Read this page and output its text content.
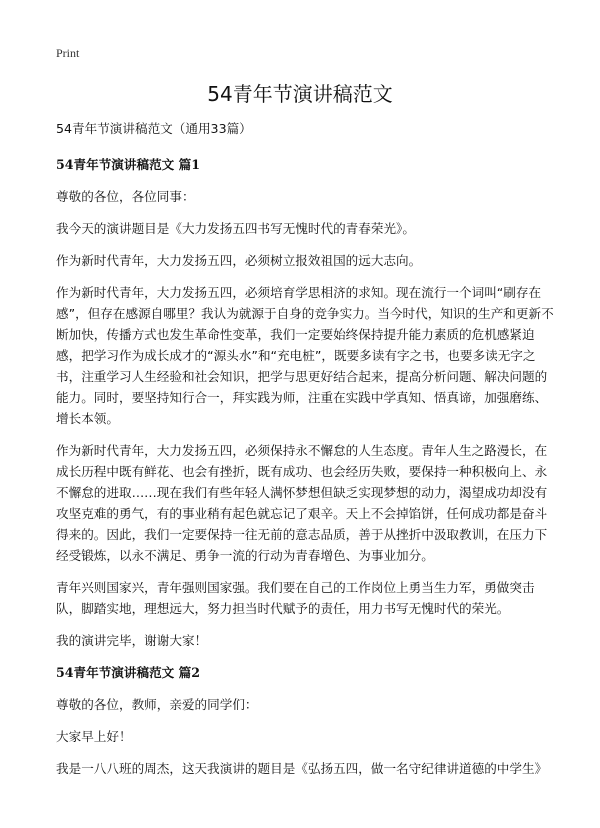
Print
54青年节演讲稿范文

54青年节演讲稿范文（通用33篇）

54青年节演讲稿范文 篇1

尊敬的各位，各位同事：

我今天的演讲题目是《大力发扬五四书写无愧时代的青春荣光》。

作为新时代青年，大力发扬五四，必须树立报效祖国的远大志向。

作为新时代青年，大力发扬五四，必须培育学思相济的求知。现在流行一个词叫“刷存在感”，但存在感源自哪里？我认为就源于自身的竞争实力。当今时代，知识的生产和更新不断加快，传播方式也发生革命性变革，我们一定要始终保持提升能力素质的危机感紧迫感，把学习作为成长成才的“源头水”和“充电桩”，既要多读有字之书，也要多读无字之书，注重学习人生经验和社会知识，把学与思更好结合起来，提高分析问题、解决问题的能力。同时，要坚持知行合一，拜实践为师，注重在实践中学真知、悟真谛，加强磨练、增长本领。

作为新时代青年，大力发扬五四，必须保持永不懈怠的人生态度。青年人生之路漫长，在成长历程中既有鲜花、也会有挫折，既有成功、也会经历失败，要保持一种积极向上、永不懈怠的进取……现在我们有些年轻人满怀梦想但缺乏实现梦想的动力，渴望成功却没有攻坚克难的勇气，有的事业稍有起色就忘记了艰辛。天上不会掉馅饼，任何成功都是奋斗得来的。因此，我们一定要保持一往无前的意志品质，善于从挫折中汲取教训，在压力下经受锻炼，以永不满足、勇争一流的行动为青春增色、为事业加分。

青年兴则国家兴，青年强则国家强。我们要在自己的工作岗位上勇当生力军，勇做突击队，脚踏实地，理想远大，努力担当时代赋予的责任，用力书写无愧时代的荣光。

我的演讲完毕，谢谢大家！

54青年节演讲稿范文 篇2

尊敬的各位，教师，亲爱的同学们：

大家早上好！

我是一八八班的周杰，这天我演讲的题目是《弘扬五四，做一名守纪律讲道德的中学生》
